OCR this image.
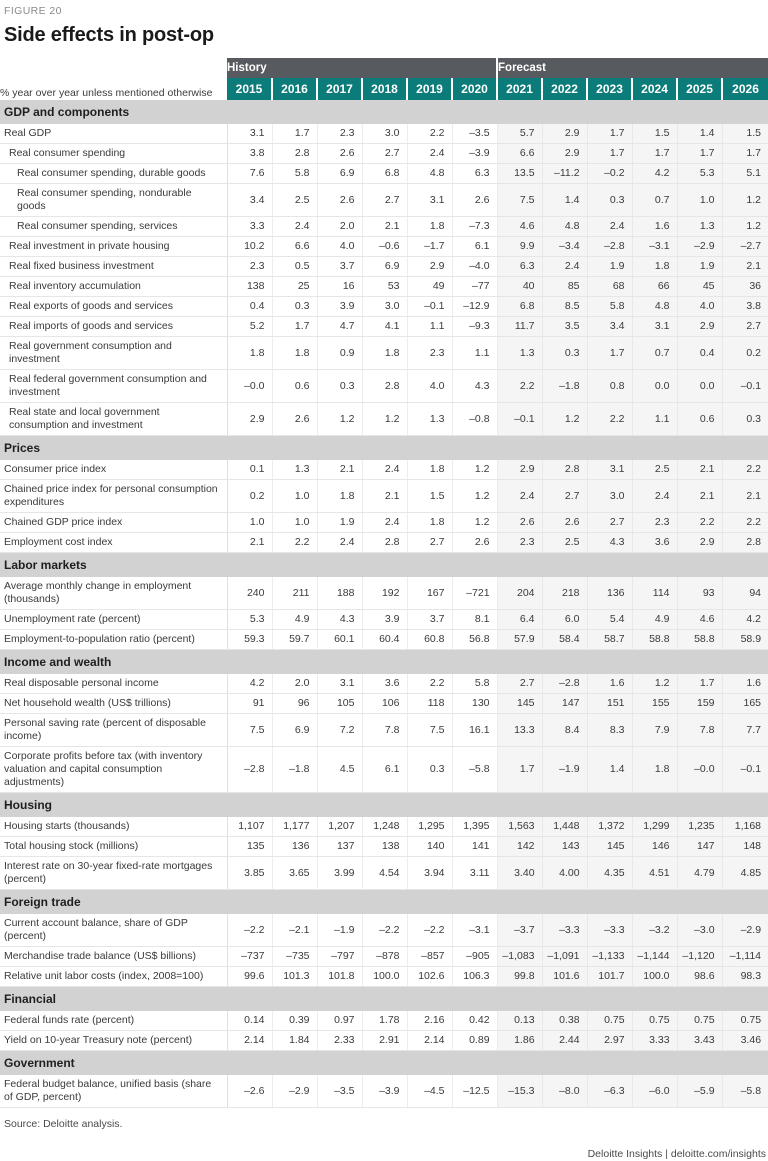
FIGURE 20
Side effects in post-op
	History						Forecast					
% year over year unless mentioned otherwise	2015	2016	2017	2018	2019	2020	2021	2022	2023	2024	2025	2026
GDP and components												
Real GDP	3.1	1.7	2.3	3.0	2.2	–3.5	5.7	2.9	1.7	1.5	1.4	1.5
Real consumer spending	3.8	2.8	2.6	2.7	2.4	–3.9	6.6	2.9	1.7	1.7	1.7	1.7
Real consumer spending, durable goods	7.6	5.8	6.9	6.8	4.8	6.3	13.5	–11.2	–0.2	4.2	5.3	5.1
Real consumer spending, nondurable goods	3.4	2.5	2.6	2.7	3.1	2.6	7.5	1.4	0.3	0.7	1.0	1.2
Real consumer spending, services	3.3	2.4	2.0	2.1	1.8	–7.3	4.6	4.8	2.4	1.6	1.3	1.2
Real investment in private housing	10.2	6.6	4.0	–0.6	–1.7	6.1	9.9	–3.4	–2.8	–3.1	–2.9	–2.7
Real fixed business investment	2.3	0.5	3.7	6.9	2.9	–4.0	6.3	2.4	1.9	1.8	1.9	2.1
Real inventory accumulation	138	25	16	53	49	–77	40	85	68	66	45	36
Real exports of goods and services	0.4	0.3	3.9	3.0	–0.1	–12.9	6.8	8.5	5.8	4.8	4.0	3.8
Real imports of goods and services	5.2	1.7	4.7	4.1	1.1	–9.3	11.7	3.5	3.4	3.1	2.9	2.7
Real government consumption and investment	1.8	1.8	0.9	1.8	2.3	1.1	1.3	0.3	1.7	0.7	0.4	0.2
Real federal government consumption and investment	–0.0	0.6	0.3	2.8	4.0	4.3	2.2	–1.8	0.8	0.0	0.0	–0.1
Real state and local government consumption and investment	2.9	2.6	1.2	1.2	1.3	–0.8	–0.1	1.2	2.2	1.1	0.6	0.3
Prices												
Consumer price index	0.1	1.3	2.1	2.4	1.8	1.2	2.9	2.8	3.1	2.5	2.1	2.2
Chained price index for personal consumption expenditures	0.2	1.0	1.8	2.1	1.5	1.2	2.4	2.7	3.0	2.4	2.1	2.1
Chained GDP price index	1.0	1.0	1.9	2.4	1.8	1.2	2.6	2.6	2.7	2.3	2.2	2.2
Employment cost index	2.1	2.2	2.4	2.8	2.7	2.6	2.3	2.5	4.3	3.6	2.9	2.8
Labor markets												
Average monthly change in employment (thousands)	240	211	188	192	167	–721	204	218	136	114	93	94
Unemployment rate (percent)	5.3	4.9	4.3	3.9	3.7	8.1	6.4	6.0	5.4	4.9	4.6	4.2
Employment-to-population ratio (percent)	59.3	59.7	60.1	60.4	60.8	56.8	57.9	58.4	58.7	58.8	58.8	58.9
Income and wealth												
Real disposable personal income	4.2	2.0	3.1	3.6	2.2	5.8	2.7	–2.8	1.6	1.2	1.7	1.6
Net household wealth (US$ trillions)	91	96	105	106	118	130	145	147	151	155	159	165
Personal saving rate (percent of disposable income)	7.5	6.9	7.2	7.8	7.5	16.1	13.3	8.4	8.3	7.9	7.8	7.7
Corporate profits before tax (with inventory valuation and capital consumption adjustments)	–2.8	–1.8	4.5	6.1	0.3	–5.8	1.7	–1.9	1.4	1.8	–0.0	–0.1
Housing												
Housing starts (thousands)	1,107	1,177	1,207	1,248	1,295	1,395	1,563	1,448	1,372	1,299	1,235	1,168
Total housing stock (millions)	135	136	137	138	140	141	142	143	145	146	147	148
Interest rate on 30-year fixed-rate mortgages (percent)	3.85	3.65	3.99	4.54	3.94	3.11	3.40	4.00	4.35	4.51	4.79	4.85
Foreign trade												
Current account balance, share of GDP (percent)	–2.2	–2.1	–1.9	–2.2	–2.2	–3.1	–3.7	–3.3	–3.3	–3.2	–3.0	–2.9
Merchandise trade balance (US$ billions)	–737	–735	–797	–878	–857	–905	–1,083	–1,091	–1,133	–1,144	–1,120	–1,114
Relative unit labor costs (index, 2008=100)	99.6	101.3	101.8	100.0	102.6	106.3	99.8	101.6	101.7	100.0	98.6	98.3
Financial												
Federal funds rate (percent)	0.14	0.39	0.97	1.78	2.16	0.42	0.13	0.38	0.75	0.75	0.75	0.75
Yield on 10-year Treasury note (percent)	2.14	1.84	2.33	2.91	2.14	0.89	1.86	2.44	2.97	3.33	3.43	3.46
Government												
Federal budget balance, unified basis (share of GDP, percent)	–2.6	–2.9	–3.5	–3.9	–4.5	–12.5	–15.3	–8.0	–6.3	–6.0	–5.9	–5.8
Source: Deloitte analysis.
Deloitte Insights | deloitte.com/insights
